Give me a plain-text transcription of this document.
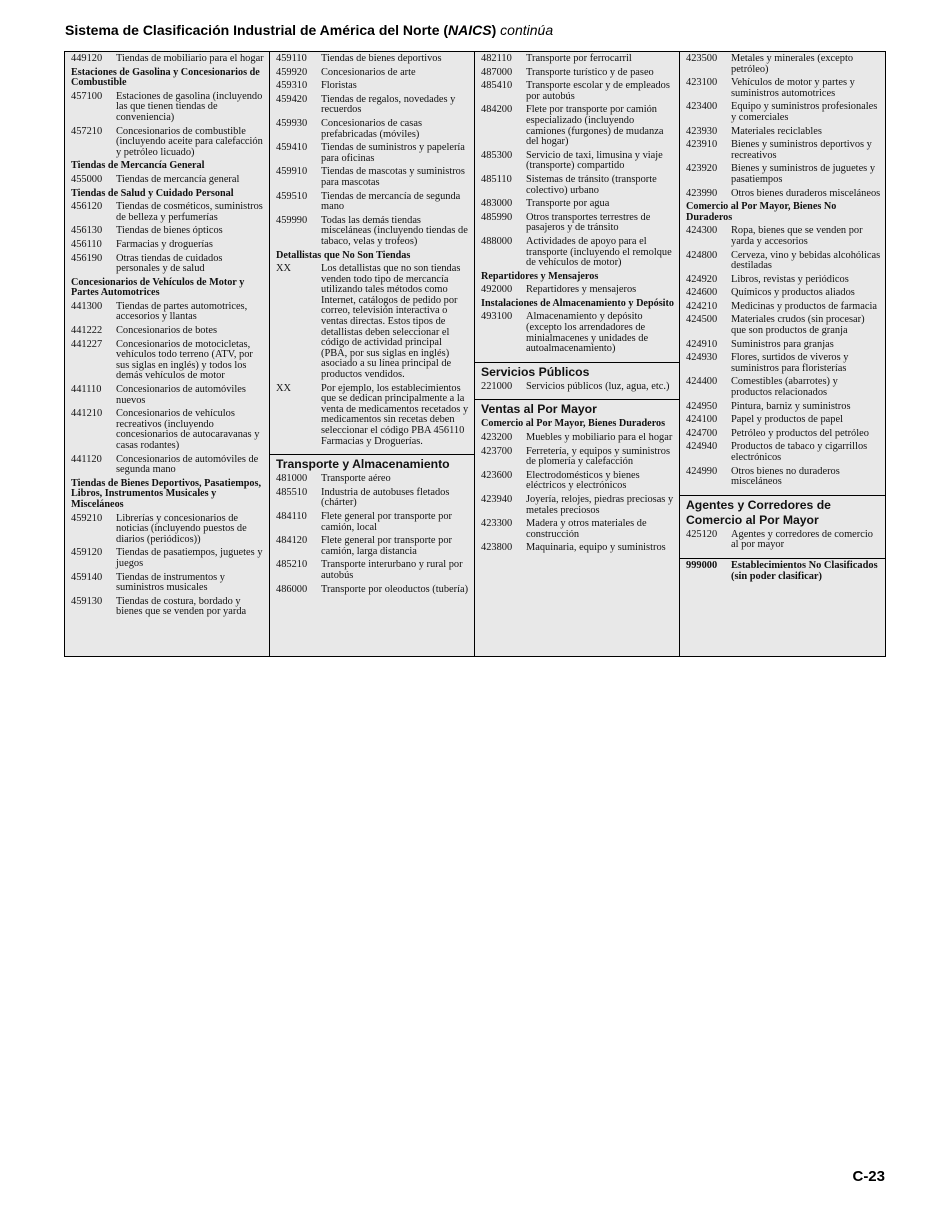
Sistema de Clasificación Industrial de América del Norte (NAICS) continúa
449120	Tiendas de mobiliario para el hogar
Estaciones de Gasolina y Concesionarios de Combustible
457100	Estaciones de gasolina (incluyendo las que tienen tiendas de conveniencia)
457210	Concesionarios de combustible (incluyendo aceite para calefacción y petróleo licuado)
Tiendas de Mercancía General
455000	Tiendas de mercancía general
Tiendas de Salud y Cuidado Personal
456120	Tiendas de cosméticos, suministros de belleza y perfumerías
456130	Tiendas de bienes ópticos
456110	Farmacias y droguerías
456190	Otras tiendas de cuidados personales y de salud
Concesionarios de Vehículos de Motor y Partes Automotrices
441300	Tiendas de partes automotrices, accesorios y llantas
441222	Concesionarios de botes
441227	Concesionarios de motocicletas, vehículos todo terreno (ATV, por sus siglas en inglés) y todos los demás vehículos de motor
441110	Concesionarios de automóviles nuevos
441210	Concesionarios de vehículos recreativos (incluyendo concesionarios de autocaravanas y casas rodantes)
441120	Concesionarios de automóviles de segunda mano
Tiendas de Bienes Deportivos, Pasatiempos, Libros, Instrumentos Musicales y Misceláneos
459210	Librerías y concesionarios de noticias (incluyendo puestos de diarios (periódicos))
459120	Tiendas de pasatiempos, juguetes y juegos
459140	Tiendas de instrumentos y suministros musicales
459130	Tiendas de costura, bordado y bienes que se venden por yarda
459110	Tiendas de bienes deportivos
459920	Concesionarios de arte
459310	Floristas
459420	Tiendas de regalos, novedades y recuerdos
459930	Concesionarios de casas prefabricadas (móviles)
459410	Tiendas de suministros y papelería para oficinas
459910	Tiendas de mascotas y suministros para mascotas
459510	Tiendas de mercancía de segunda mano
459990	Todas las demás tiendas misceláneas (incluyendo tiendas de tabaco, velas y trofeos)
Detallistas que No Son Tiendas
XX	Los detallistas que no son tiendas venden todo tipo de mercancía utilizando tales métodos como Internet, catálogos de pedido por correo, televisión interactiva o ventas directas. Estos tipos de detallistas deben seleccionar el código de actividad principal (PBA, por sus siglas en inglés) asociado a su línea principal de productos vendidos.
XX	Por ejemplo, los establecimientos que se dedican principalmente a la venta de medicamentos recetados y medicamentos sin recetas deben seleccionar el código PBA 456110 Farmacias y Droguerías.
Transporte y Almacenamiento
481000	Transporte aéreo
485510	Industria de autobuses fletados (chárter)
484110	Flete general por transporte por camión, local
484120	Flete general por transporte por camión, larga distancia
485210	Transporte interurbano y rural por autobús
486000	Transporte por oleoductos (tubería)
482110	Transporte por ferrocarril
487000	Transporte turístico y de paseo
485410	Transporte escolar y de empleados por autobús
484200	Flete por transporte por camión especializado (incluyendo camiones (furgones) de mudanza del hogar)
485300	Servicio de taxi, limusina y viaje (transporte) compartido
485110	Sistemas de tránsito (transporte colectivo) urbano
483000	Transporte por agua
485990	Otros transportes terrestres de pasajeros y de tránsito
488000	Actividades de apoyo para el transporte (incluyendo el remolque de vehículos de motor)
Repartidores y Mensajeros
492000	Repartidores y mensajeros
Instalaciones de Almacenamiento y Depósito
493100	Almacenamiento y depósito (excepto los arrendadores de minialmacenes y unidades de autoalmacenamiento)
Servicios Públicos
221000	Servicios públicos (luz, agua, etc.)
Ventas al Por Mayor
Comercio al Por Mayor, Bienes Duraderos
423200	Muebles y mobiliario para el hogar
423700	Ferretería, y equipos y suministros de plomería y calefacción
423600	Electrodomésticos y bienes eléctricos y electrónicos
423940	Joyería, relojes, piedras preciosas y metales preciosos
423300	Madera y otros materiales de construcción
423800	Maquinaria, equipo y suministros
423500	Metales y minerales (excepto petróleo)
423100	Vehículos de motor y partes y suministros automotrices
423400	Equipo y suministros profesionales y comerciales
423930	Materiales reciclables
423910	Bienes y suministros deportivos y recreativos
423920	Bienes y suministros de juguetes y pasatiempos
423990	Otros bienes duraderos misceláneos
Comercio al Por Mayor, Bienes No Duraderos
424300	Ropa, bienes que se venden por yarda y accesorios
424800	Cerveza, vino y bebidas alcohólicas destiladas
424920	Libros, revistas y periódicos
424600	Químicos y productos aliados
424210	Medicinas y productos de farmacia
424500	Materiales crudos (sin procesar) que son productos de granja
424910	Suministros para granjas
424930	Flores, surtidos de viveros y suministros para floristerías
424400	Comestibles (abarrotes) y productos relacionados
424950	Pintura, barniz y suministros
424100	Papel y productos de papel
424700	Petróleo y productos del petróleo
424940	Productos de tabaco y cigarrillos electrónicos
424990	Otros bienes no duraderos misceláneos
Agentes y Corredores de Comercio al Por Mayor
425120	Agentes y corredores de comercio al por mayor
999000	Establecimientos No Clasificados (sin poder clasificar)
C-23
